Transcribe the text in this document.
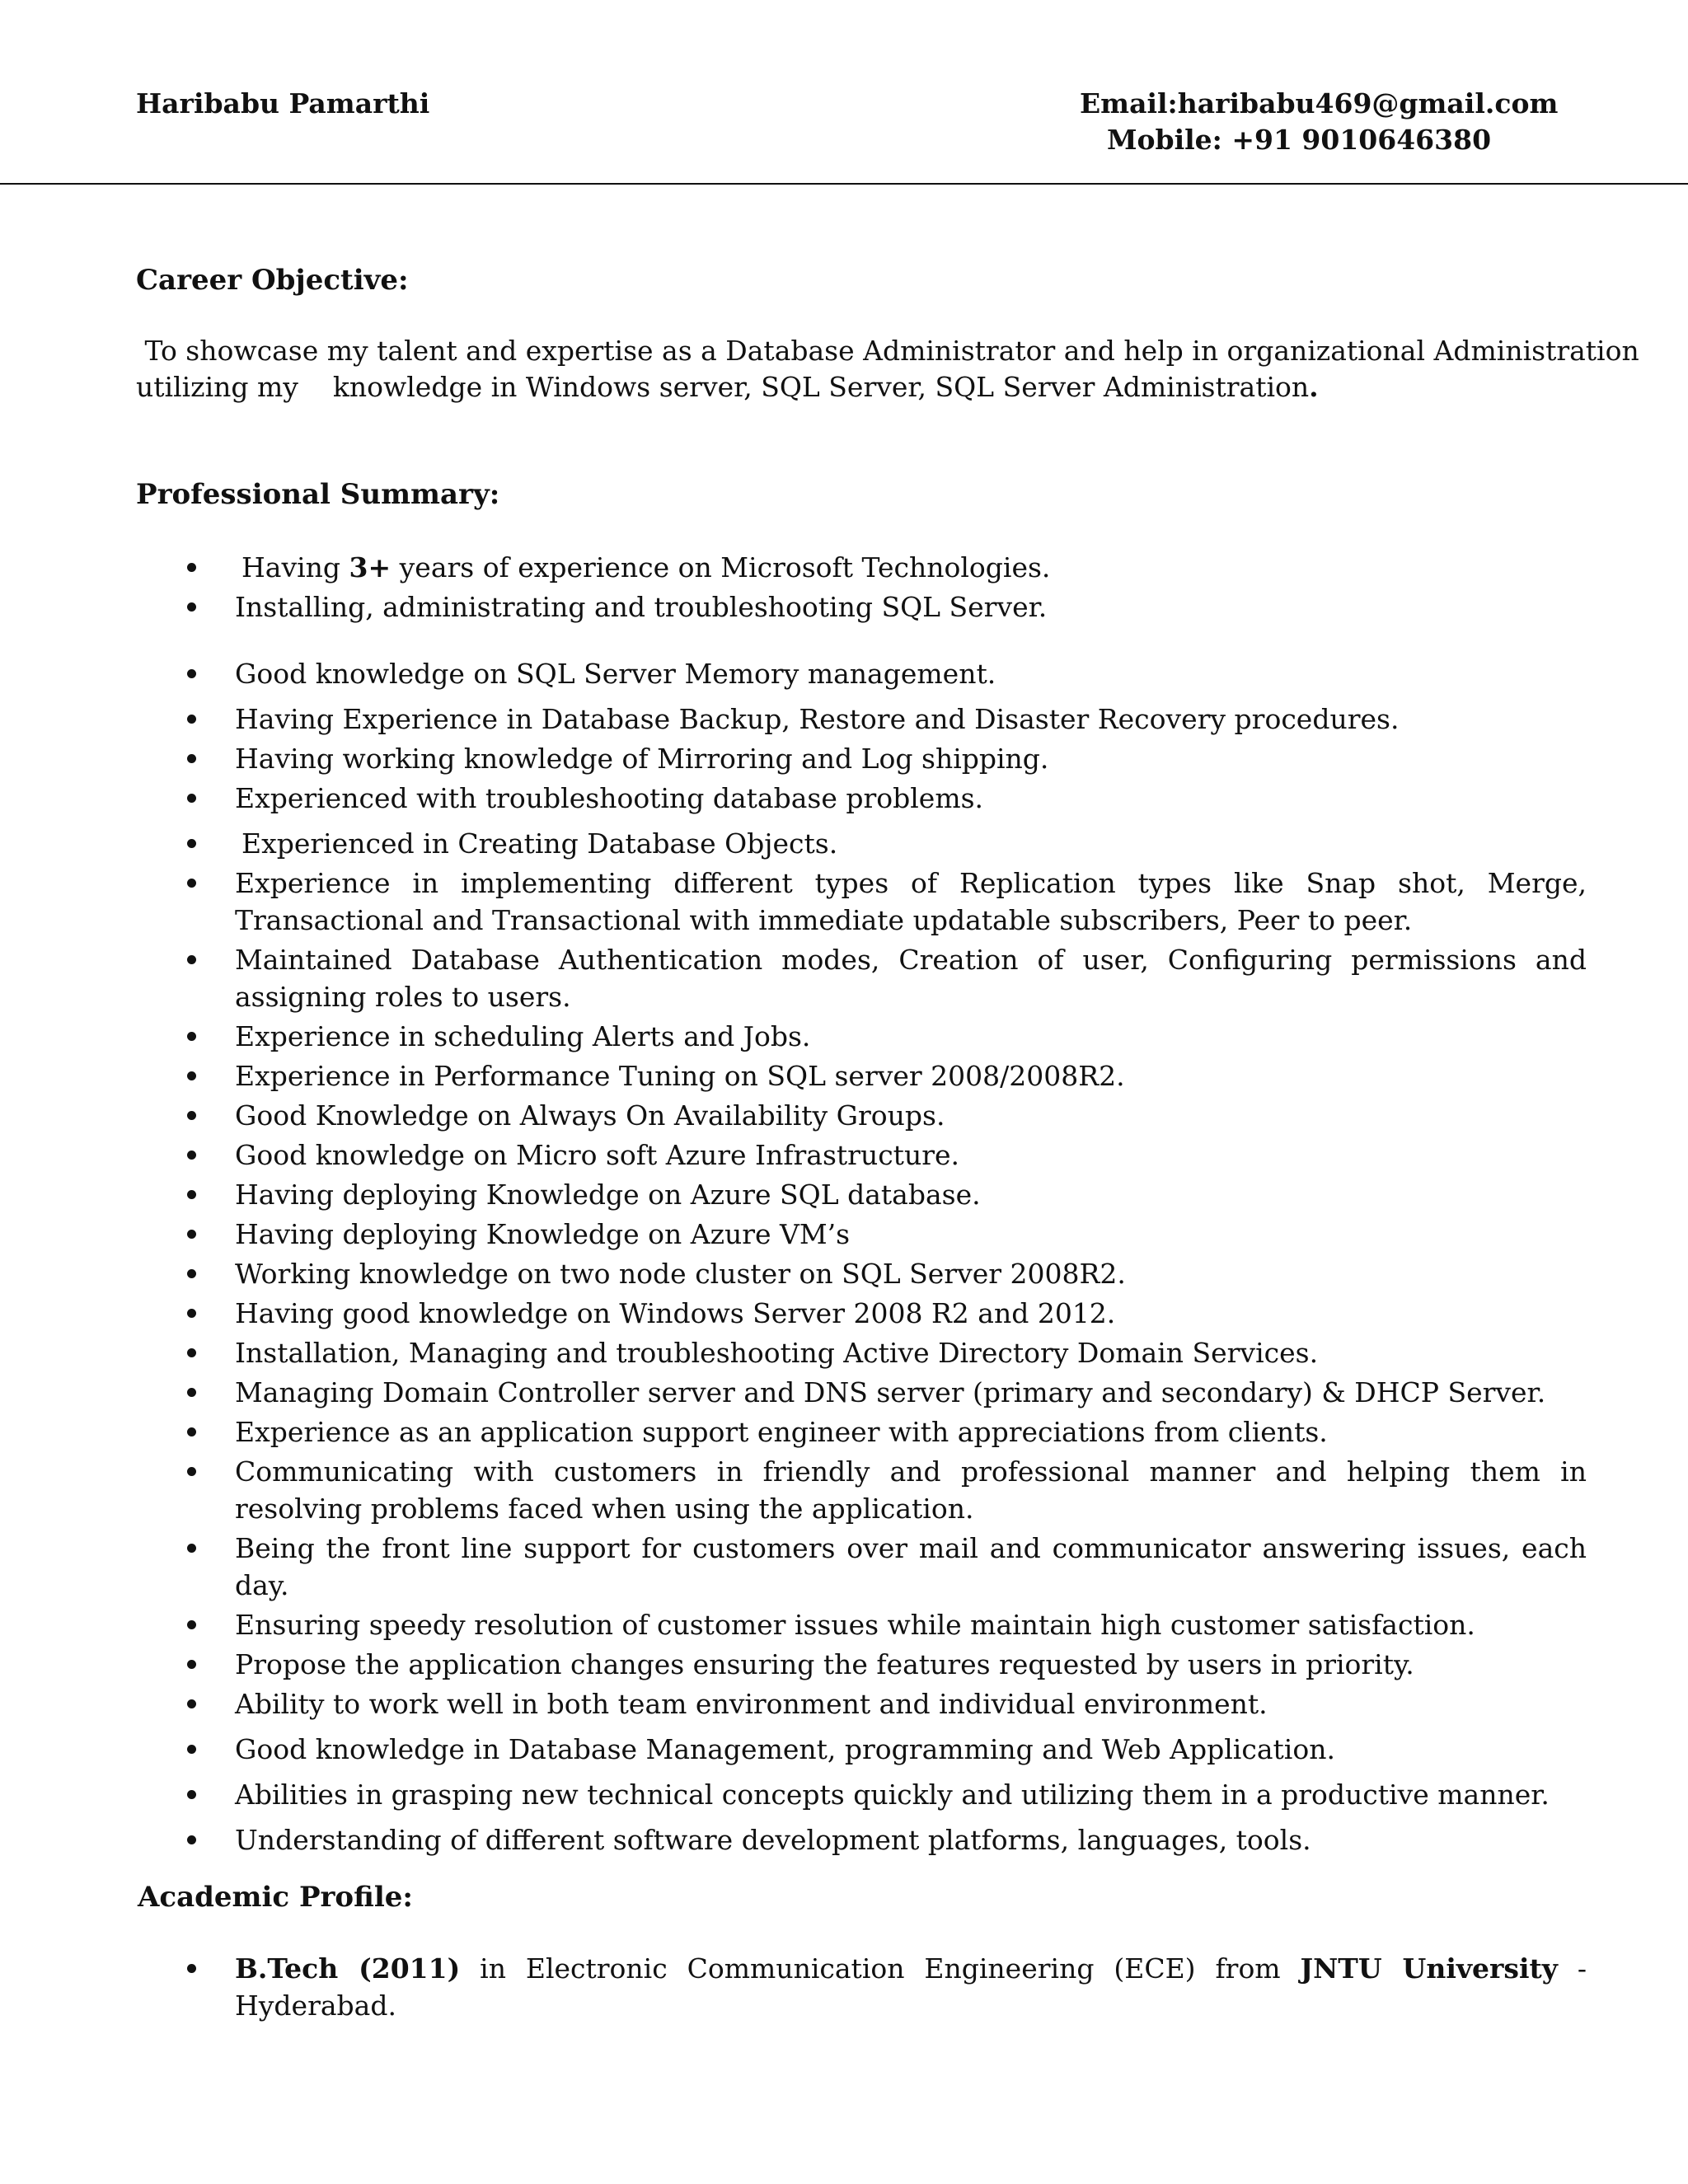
Haribabu Pamarthi	Email:haribabu469@gmail.com
Mobile: +91 9010646380
Career Objective:
To showcase my talent and expertise as a Database Administrator and help in organizational Administration
utilizing my    knowledge in Windows server, SQL Server, SQL Server Administration.
Professional Summary:
Having 3+ years of experience on Microsoft Technologies.
Installing, administrating and troubleshooting SQL Server.
Good knowledge on SQL Server Memory management.
Having Experience in Database Backup, Restore and Disaster Recovery procedures.
Having working knowledge of Mirroring and Log shipping.
Experienced with troubleshooting database problems.
Experienced in Creating Database Objects.
Experience in implementing different types of Replication types like Snap shot, Merge, Transactional and Transactional with immediate updatable subscribers, Peer to peer.
Maintained Database Authentication modes, Creation of user, Configuring permissions and assigning roles to users.
Experience in scheduling Alerts and Jobs.
Experience in Performance Tuning on SQL server 2008/2008R2.
Good Knowledge on Always On Availability Groups.
Good knowledge on Micro soft Azure Infrastructure.
Having deploying Knowledge on Azure SQL database.
Having deploying Knowledge on Azure VM’s
Working knowledge on two node cluster on SQL Server 2008R2.
Having good knowledge on Windows Server 2008 R2 and 2012.
Installation, Managing and troubleshooting Active Directory Domain Services.
Managing Domain Controller server and DNS server (primary and secondary) & DHCP Server.
Experience as an application support engineer with appreciations from clients.
Communicating with customers in friendly and professional manner and helping them in resolving problems faced when using the application.
Being the front line support for customers over mail and communicator answering issues, each day.
Ensuring speedy resolution of customer issues while maintain high customer satisfaction.
Propose the application changes ensuring the features requested by users in priority.
Ability to work well in both team environment and individual environment.
Good knowledge in Database Management, programming and Web Application.
Abilities in grasping new technical concepts quickly and utilizing them in a productive manner.
Understanding of different software development platforms, languages, tools.
Academic Profile:
B.Tech (2011) in Electronic Communication Engineering (ECE) from JNTU University - Hyderabad.
